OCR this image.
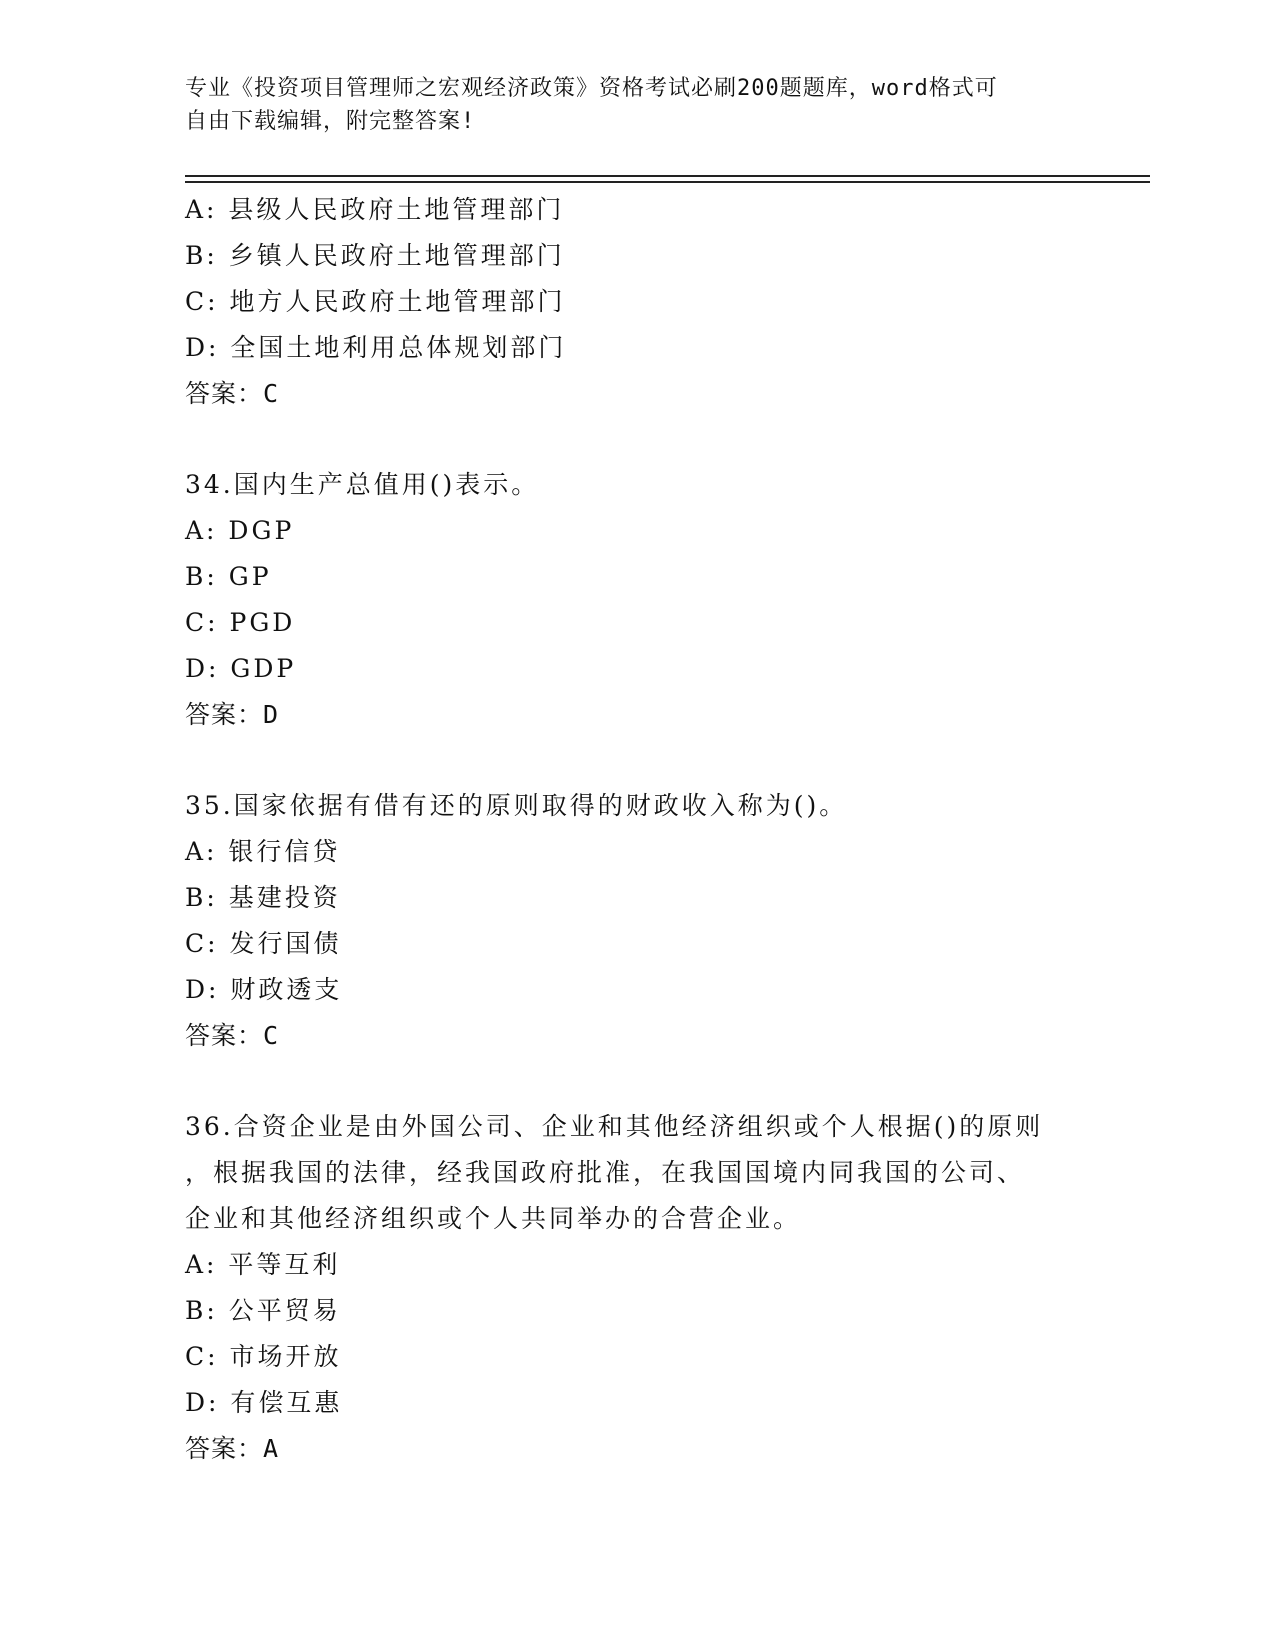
专业《投资项目管理师之宏观经济政策》资格考试必刷200题题库，word格式可
自由下载编辑，附完整答案!
A: 县级人民政府土地管理部门
B: 乡镇人民政府土地管理部门
C: 地方人民政府土地管理部门
D: 全国土地利用总体规划部门
答案：C
34.国内生产总值用()表示。
A: DGP
B: GP
C: PGD
D: GDP
答案：D
35.国家依据有借有还的原则取得的财政收入称为()。
A: 银行信贷
B: 基建投资
C: 发行国债
D: 财政透支
答案：C
36.合资企业是由外国公司、企业和其他经济组织或个人根据()的原则
，根据我国的法律，经我国政府批准，在我国国境内同我国的公司、
企业和其他经济组织或个人共同举办的合营企业。
A: 平等互利
B: 公平贸易
C: 市场开放
D: 有偿互惠
答案：A
